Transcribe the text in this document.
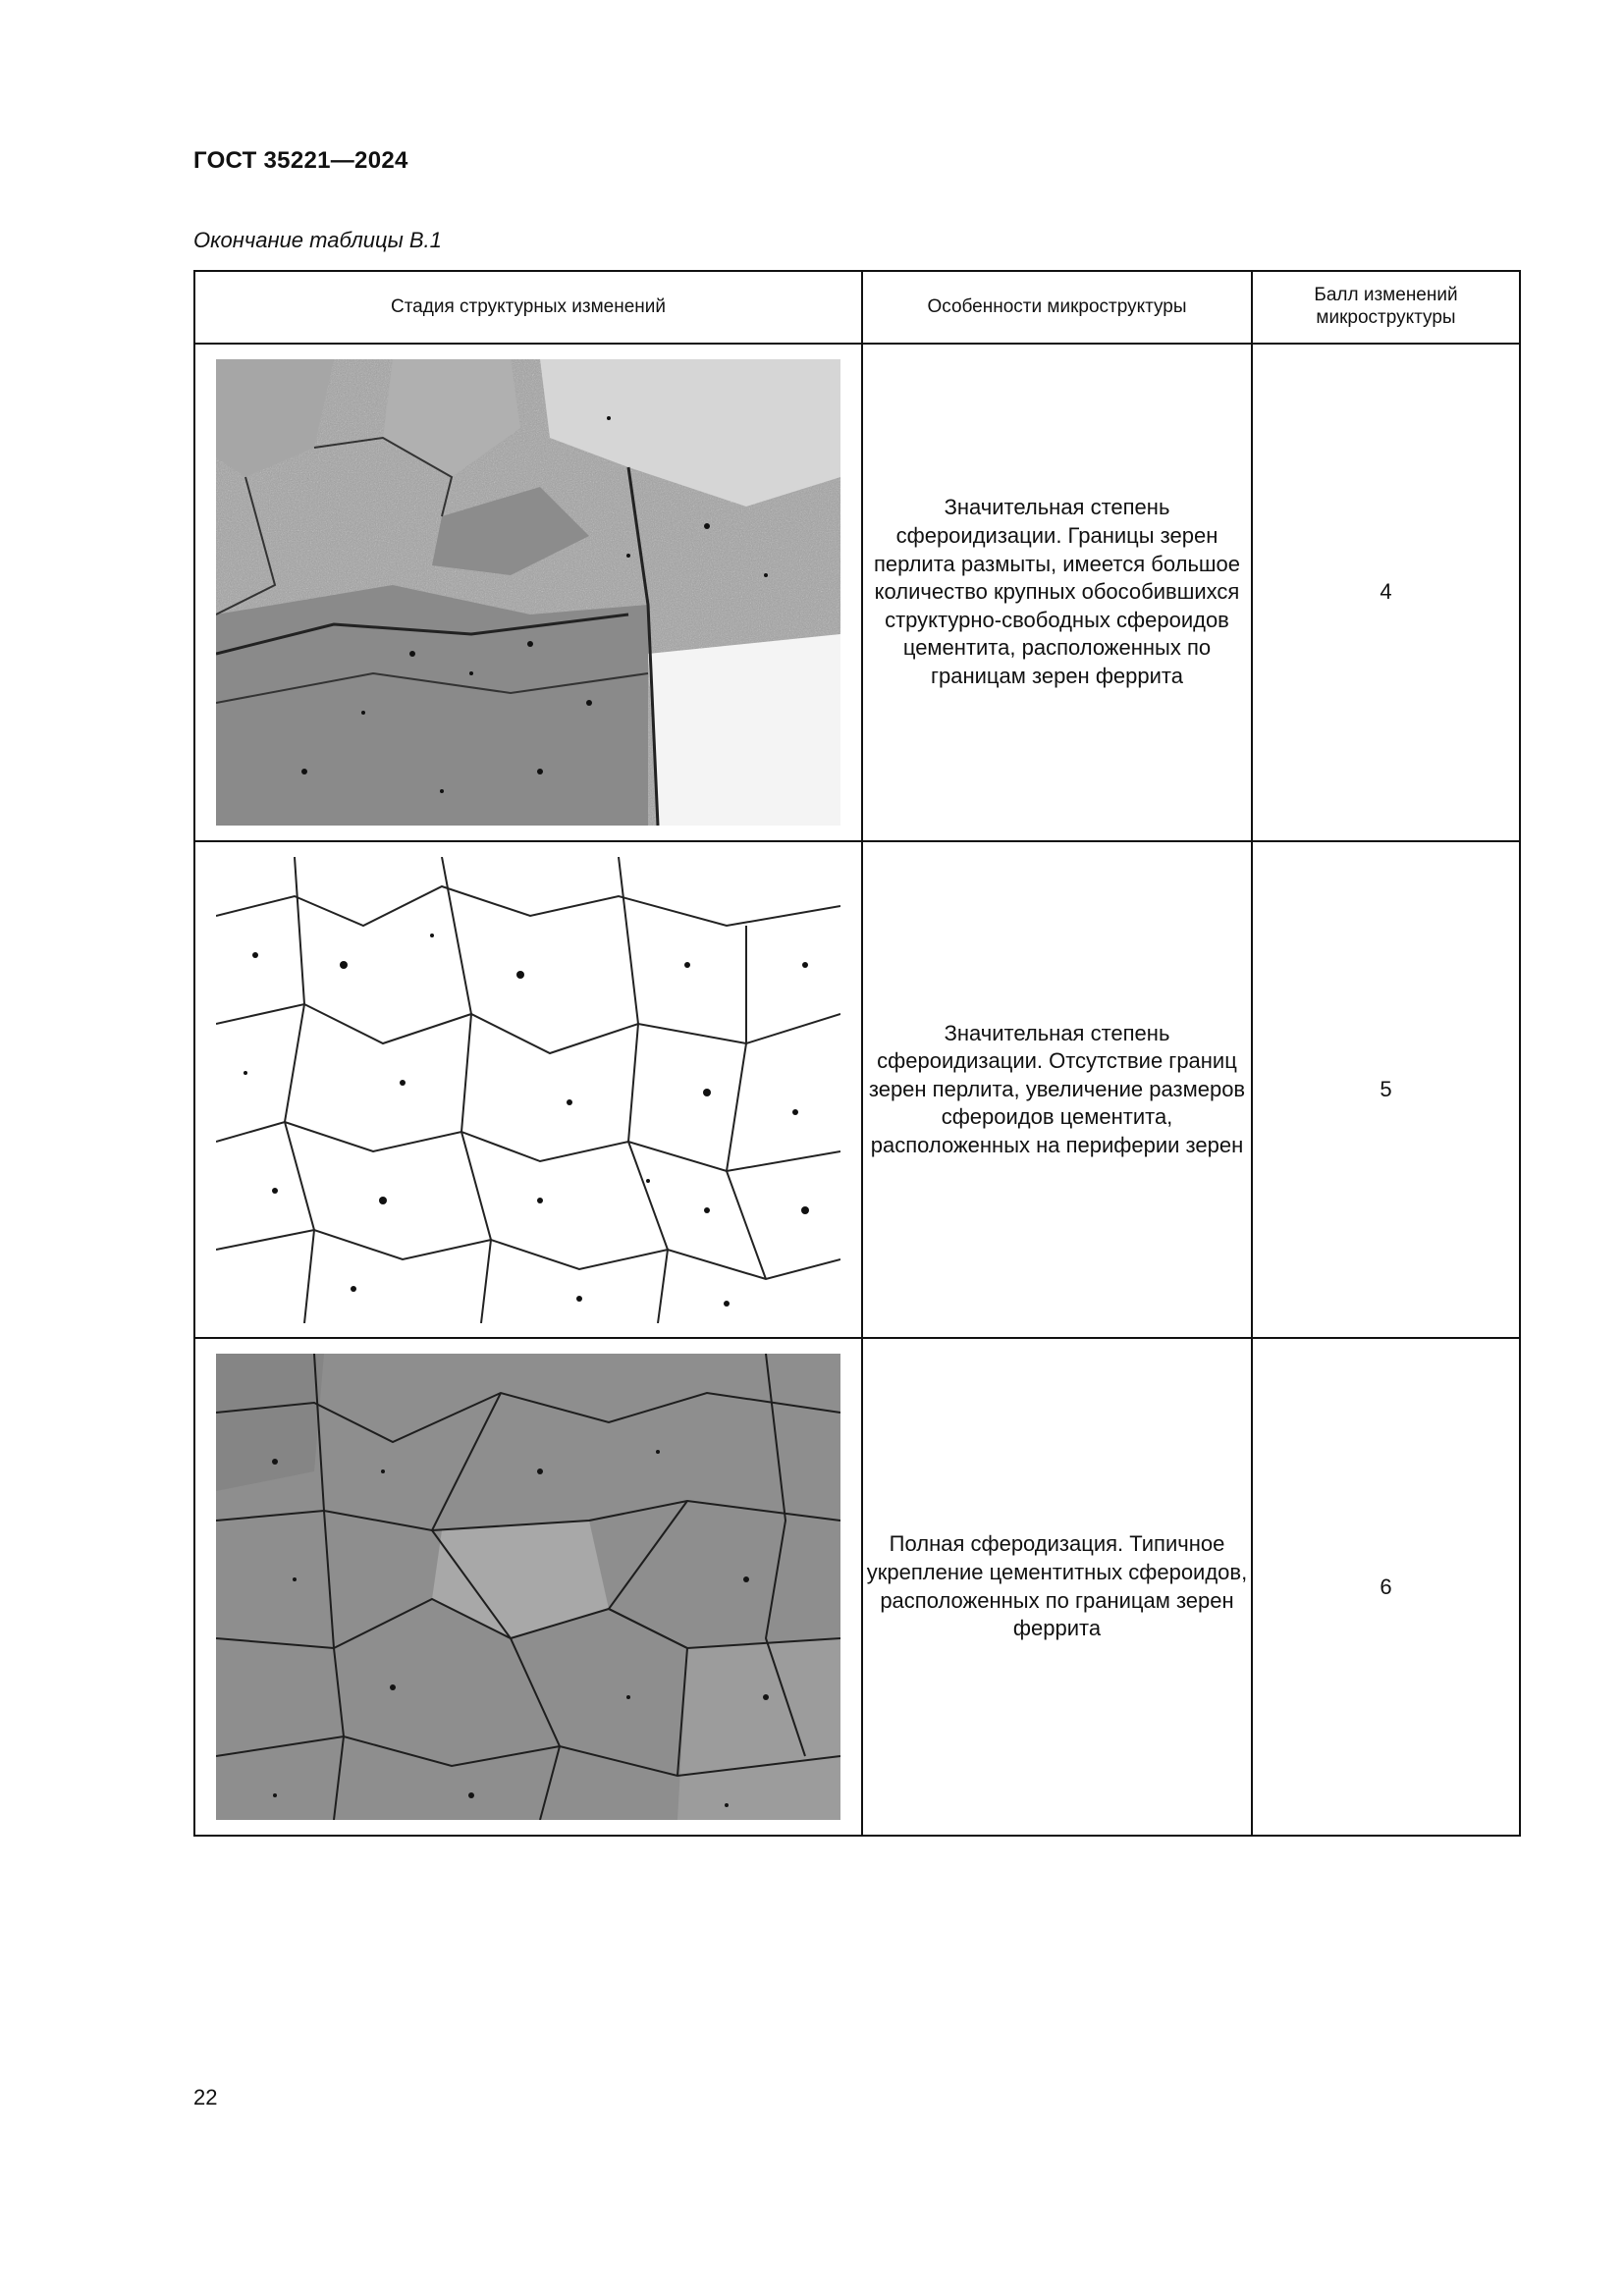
ГОСТ 35221—2024
Окончание таблицы В.1
Стадия структурных изменений	Особенности микроструктуры	Балл изменений микроструктуры

	Значительная степень сфероидизации. Границы зерен перлита размыты, имеется большое количество крупных обособившихся структурно-свободных сфероидов цементита, расположенных по границам зерен феррита	4

	Значительная степень сфероидизации. Отсутствие границ зерен перлита, увеличение размеров сфероидов цементита, расположенных на периферии зерен	5

	Полная сферодизация. Типичное укрепление цементитных сфероидов, расположенных по границам зерен феррита	6
22
